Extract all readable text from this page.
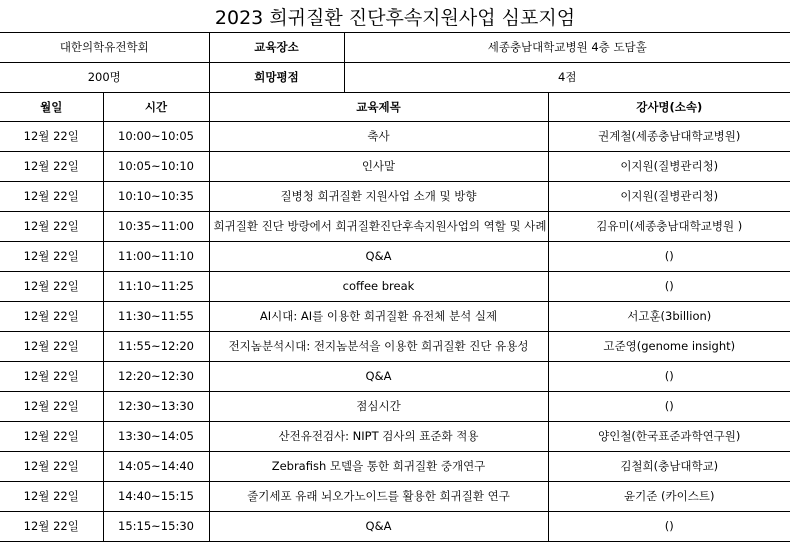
2023 희귀질환 진단후속지원사업 심포지엄
대한의학유전학회		교육장소	세종충남대학교병원 4층 도담홀	
200명		희망평점	4점	
월일	시간	교육제목		강사명(소속)
12월 22일	10:00~10:05	축사		권계철(세종충남대학교병원)
12월 22일	10:05~10:10	인사말		이지원(질병관리청)
12월 22일	10:10~10:35	질병청 희귀질환 지원사업 소개 및 방향		이지원(질병관리청)
12월 22일	10:35~11:00	희귀질환 진단 방랑에서 희귀질환진단후속지원사업의 역할 및 사례		김유미(세종충남대학교병원 )
12월 22일	11:00~11:10	Q&A		()
12월 22일	11:10~11:25	coffee break		()
12월 22일	11:30~11:55	AI시대: AI를 이용한 희귀질환 유전체 분석 실제		서고훈(3billion)
12월 22일	11:55~12:20	전지놈분석시대: 전지놈분석을 이용한 희귀질환 진단 유용성		고준영(genome insight)
12월 22일	12:20~12:30	Q&A		()
12월 22일	12:30~13:30	점심시간		()
12월 22일	13:30~14:05	산전유전검사: NIPT 검사의 표준화 적용		양인철(한국표준과학연구원)
12월 22일	14:05~14:40	Zebrafish 모델을 통한 희귀질환 중개연구		김철희(충남대학교)
12월 22일	14:40~15:15	줄기세포 유래 뇌오가노이드를 활용한 희귀질환 연구		윤기준 (카이스트)
12월 22일	15:15~15:30	Q&A		()
